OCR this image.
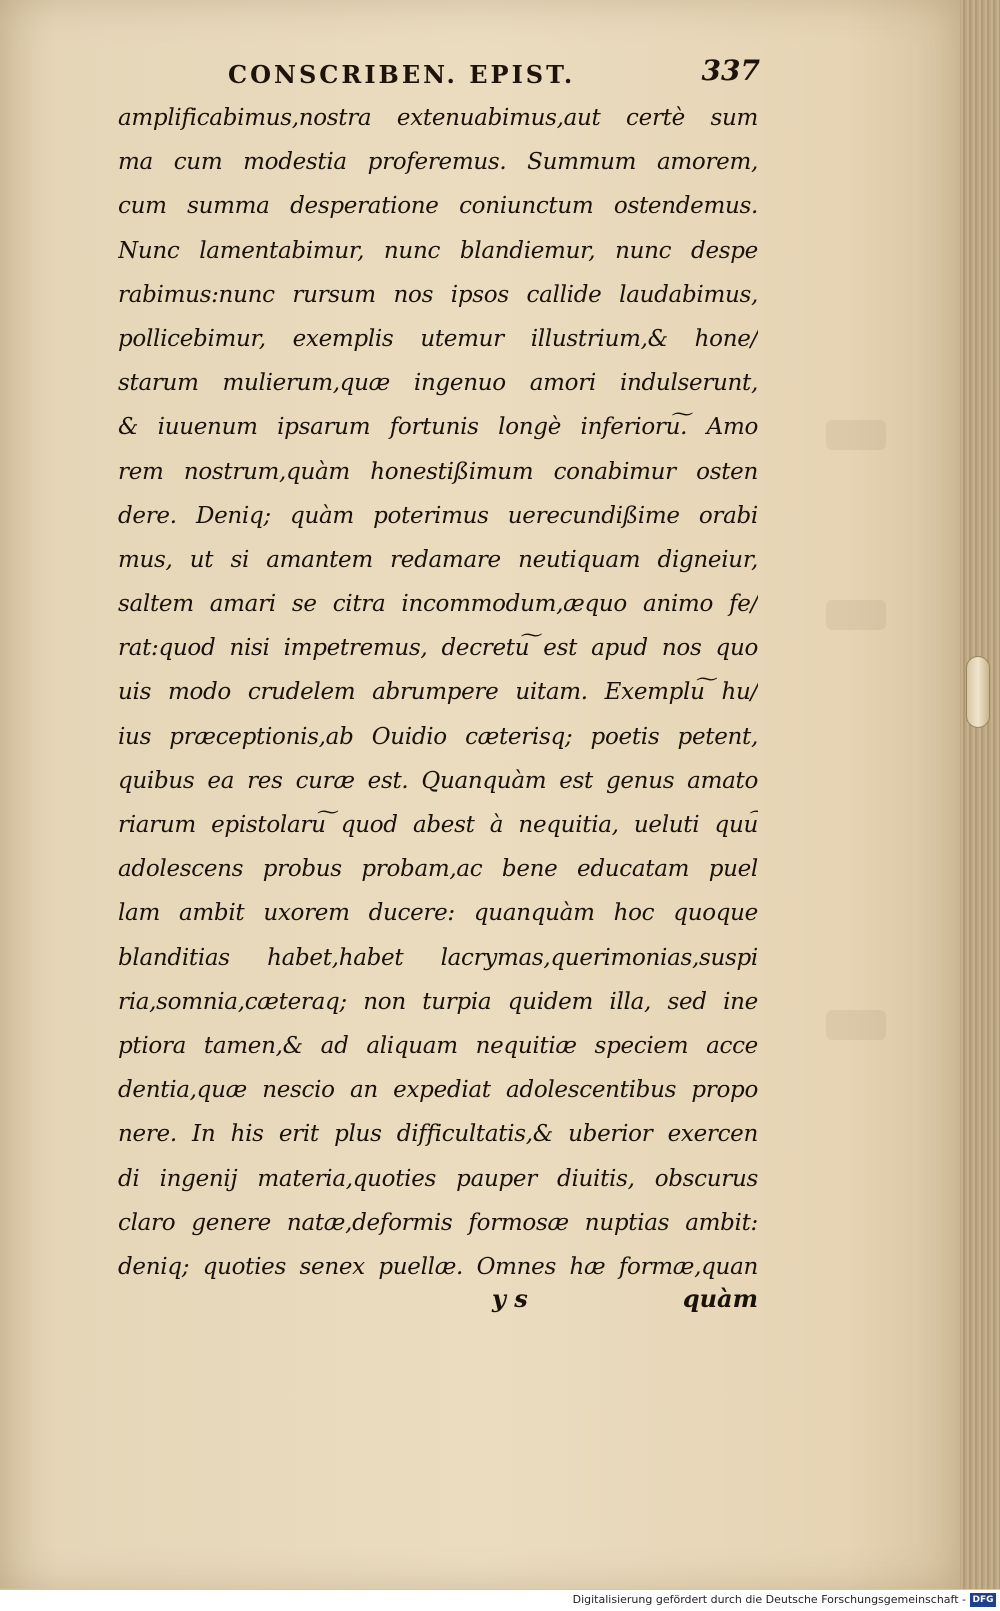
CONSCRIBEN. EPIST.	337
amplificabimus,nostra extenuabimus,aut certè sum
ma cum modestia proferemus. Summum amorem,
cum summa desperatione coniunctum ostendemus.
Nunc lamentabimur, nunc blandiemur, nunc despe
rabimus:nunc rursum nos ipsos callide laudabimus,
pollicebimur, exemplis utemur illustrium,& hone/
starum mulierum,quæ ingenuo amori indulserunt,
& iuuenum ipsarum fortunis longè inferioru͠. Amo
rem nostrum,quàm honestißimum conabimur osten
dere. Deniq; quàm poterimus uerecundißime orabi
mus, ut si amantem redamare neutiquam digneiur,
saltem amari se citra incommodum,æquo animo fe/
rat:quod nisi impetremus, decretu͠ est apud nos quo
uis modo crudelem abrumpere uitam. Exemplu͠ hu/
ius præceptionis,ab Ouidio cæterisq; poetis petent,
quibus ea res curæ est. Quanquàm est genus amato
riarum epistolaru͠ quod abest à nequitia, ueluti quu͠
adolescens probus probam,ac bene educatam puel
lam ambit uxorem ducere: quanquàm hoc quoque
blanditias habet,habet lacrymas,querimonias,suspi
ria,somnia,cæteraq; non turpia quidem illa, sed ine
ptiora tamen,& ad aliquam nequitiæ speciem acce
dentia,quæ nescio an expediat adolescentibus propo
nere. In his erit plus difficultatis,& uberior exercen
di ingenij materia,quoties pauper diuitis, obscurus
claro genere natæ,deformis formosæ nuptias ambit:
deniq; quoties senex puellæ. Omnes hæ formæ,quan
y s	quàm
Digitalisierung gefördert durch die Deutsche Forschungsgemeinschaft - DFG
